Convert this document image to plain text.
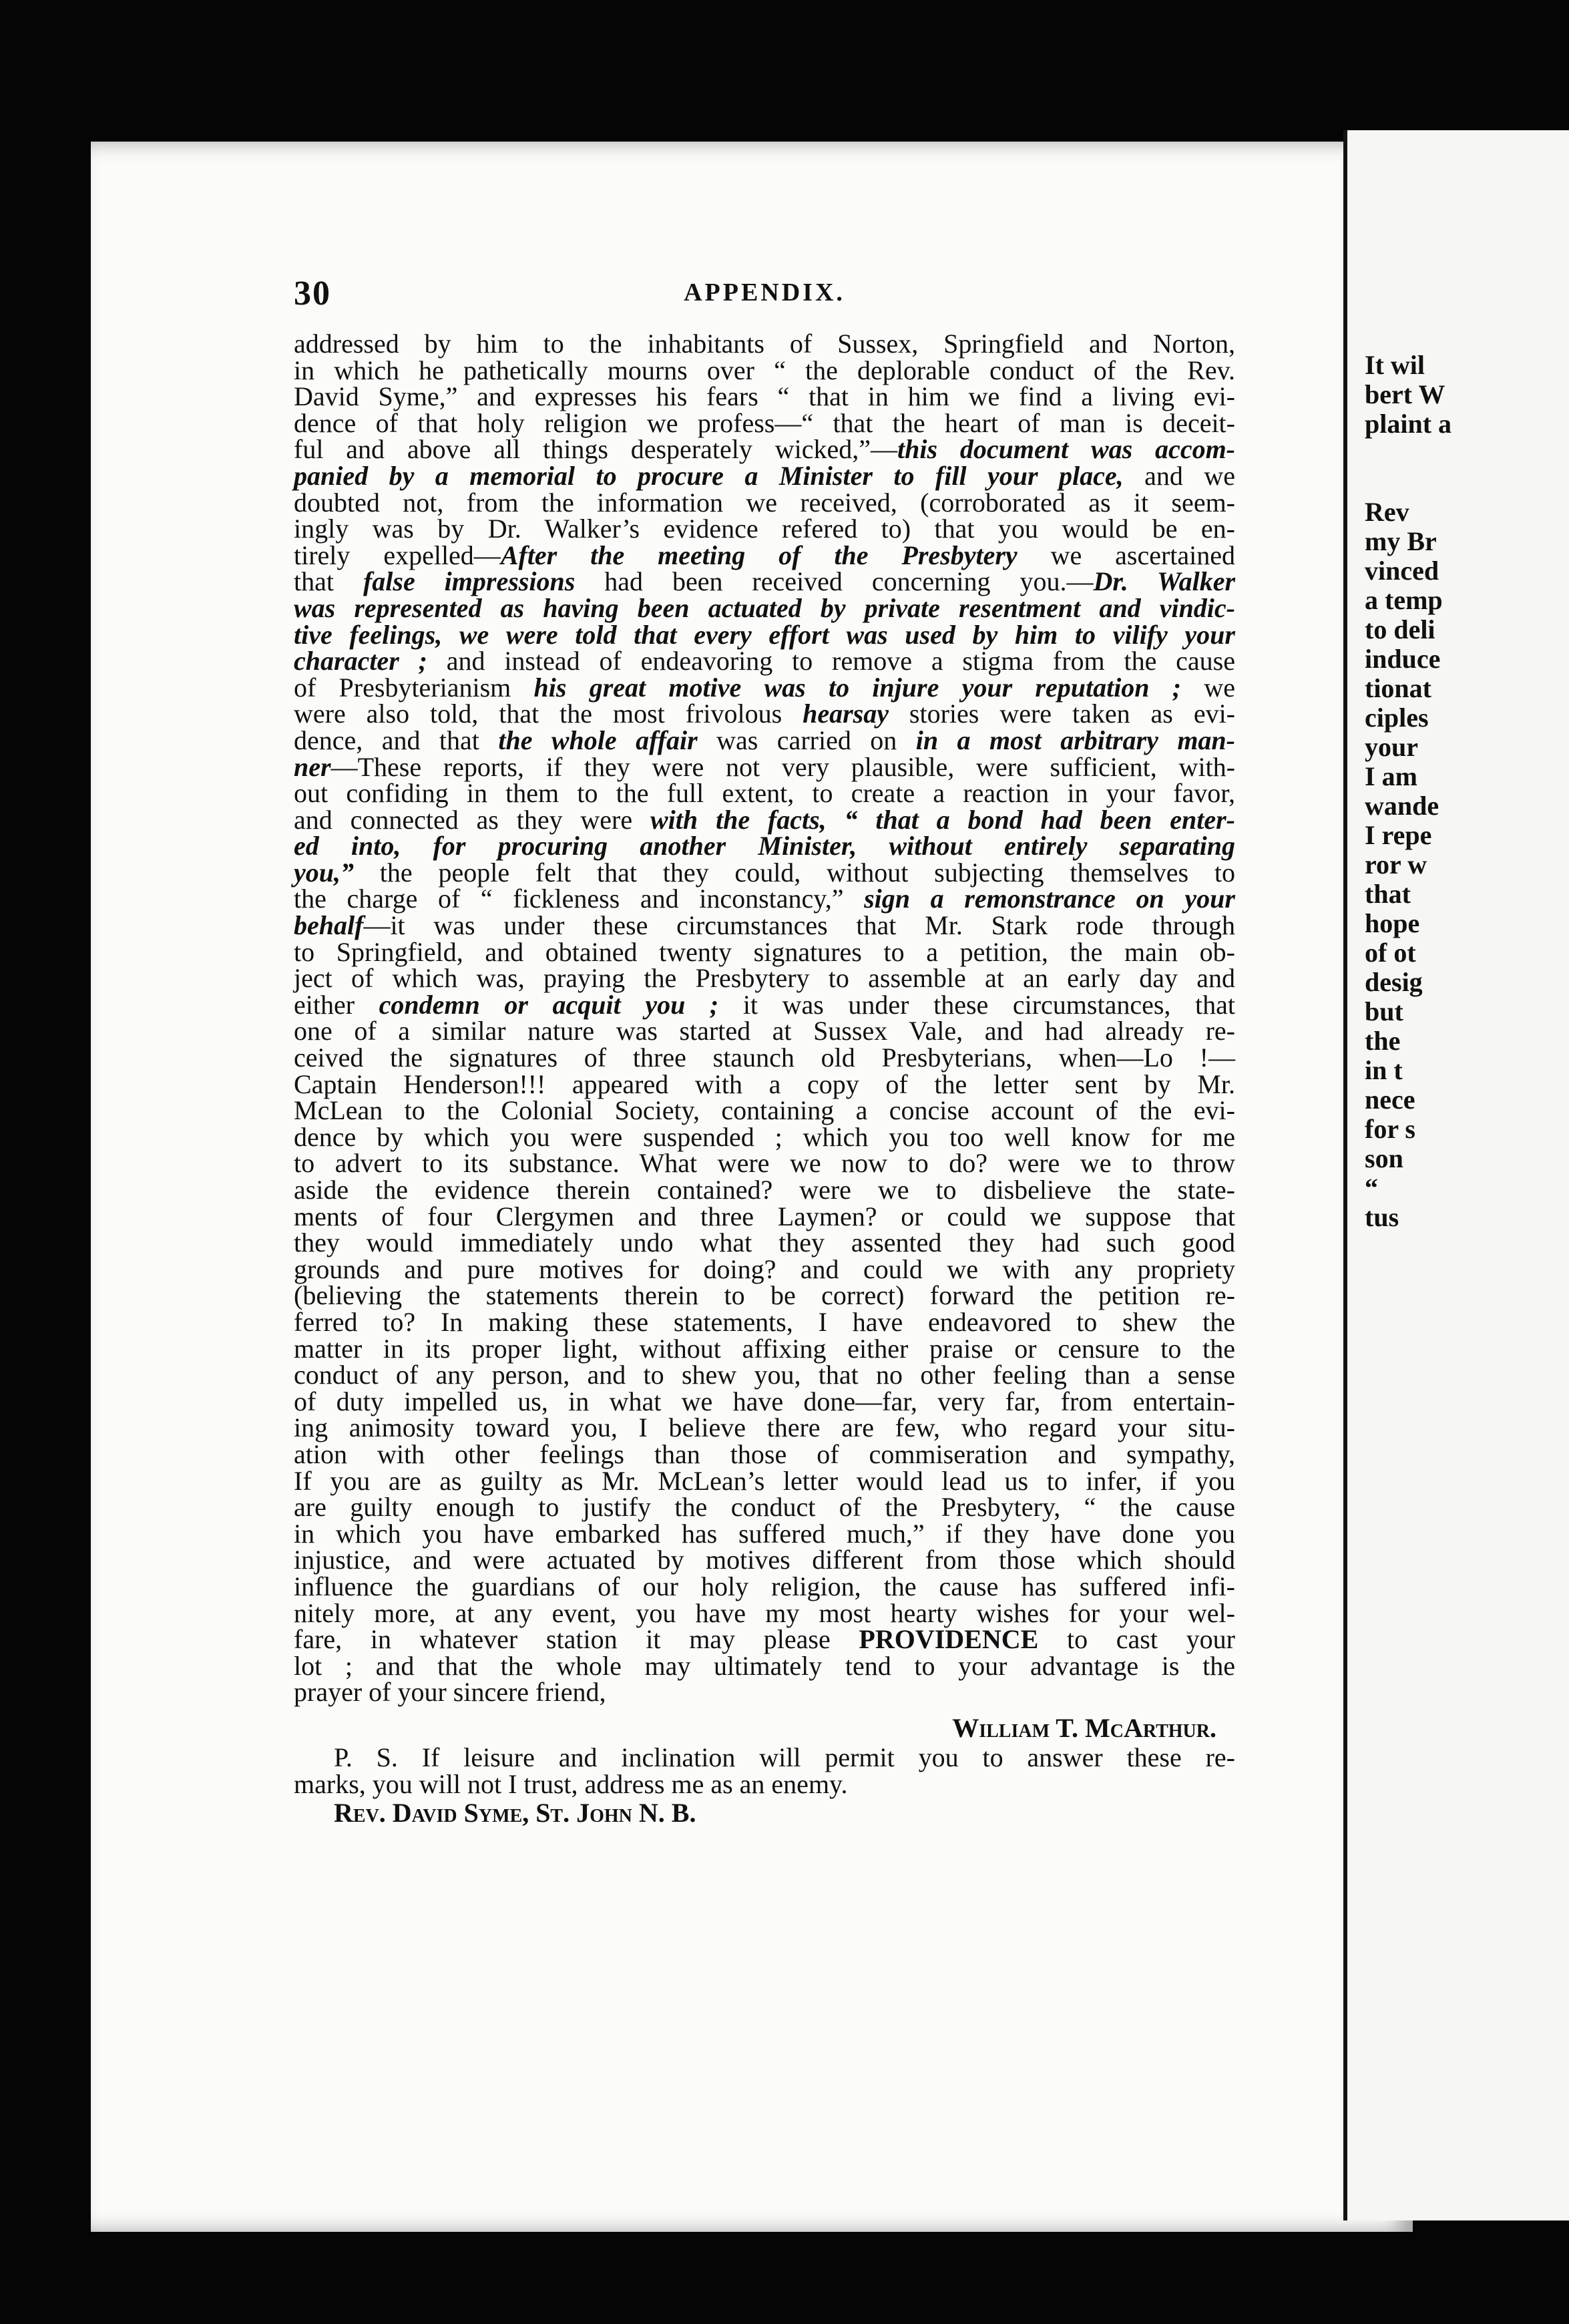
It wil
bert W
plaint a
Rev
my Br
vinced
a temp
to deli
induce
tionat
ciples
your
I am
wande
I repe
ror w
that
hope
of ot
desig
but
the
in t
nece
for s
son
“
tus
30	APPENDIX.
addressed by him to the inhabitants of Sussex, Springfield and Norton,
in which he pathetically mourns over “ the deplorable conduct of the Rev.
David Syme,” and expresses his fears “ that in him we find a living evi-
dence of that holy religion we profess—“ that the heart of man is deceit-
ful and above all things desperately wicked,”—this document was accom-
panied by a memorial to procure a Minister to fill your place, and we
doubted not, from the information we received, (corroborated as it seem-
ingly was by Dr. Walker’s evidence refered to) that you would be en-
tirely expelled—After the meeting of the Presbytery we ascertained
that false impressions had been received concerning you.—Dr. Walker
was represented as having been actuated by private resentment and vindic-
tive feelings, we were told that every effort was used by him to vilify your
character ; and instead of endeavoring to remove a stigma from the cause
of Presbyterianism his great motive was to injure your reputation ; we
were also told, that the most frivolous hearsay stories were taken as evi-
dence, and that the whole affair was carried on in a most arbitrary man-
ner—These reports, if they were not very plausible, were sufficient, with-
out confiding in them to the full extent, to create a reaction in your favor,
and connected as they were with the facts, “ that a bond had been enter-
ed into, for procuring another Minister, without entirely separating
you,” the people felt that they could, without subjecting themselves to
the charge of “ fickleness and inconstancy,” sign a remonstrance on your
behalf—it was under these circumstances that Mr. Stark rode through
to Springfield, and obtained twenty signatures to a petition, the main ob-
ject of which was, praying the Presbytery to assemble at an early day and
either condemn or acquit you ; it was under these circumstances, that
one of a similar nature was started at Sussex Vale, and had already re-
ceived the signatures of three staunch old Presbyterians, when—Lo !—
Captain Henderson!!! appeared with a copy of the letter sent by Mr.
McLean to the Colonial Society, containing a concise account of the evi-
dence by which you were suspended ; which you too well know for me
to advert to its substance. What were we now to do? were we to throw
aside the evidence therein contained? were we to disbelieve the state-
ments of four Clergymen and three Laymen? or could we suppose that
they would immediately undo what they assented they had such good
grounds and pure motives for doing? and could we with any propriety
(believing the statements therein to be correct) forward the petition re-
ferred to? In making these statements, I have endeavored to shew the
matter in its proper light, without affixing either praise or censure to the
conduct of any person, and to shew you, that no other feeling than a sense
of duty impelled us, in what we have done—far, very far, from entertain-
ing animosity toward you, I believe there are few, who regard your situ-
ation with other feelings than those of commiseration and sympathy,
If you are as guilty as Mr. McLean’s letter would lead us to infer, if you
are guilty enough to justify the conduct of the Presbytery, “ the cause
in which you have embarked has suffered much,” if they have done you
injustice, and were actuated by motives different from those which should
influence the guardians of our holy religion, the cause has suffered infi-
nitely more, at any event, you have my most hearty wishes for your wel-
fare, in whatever station it may please PROVIDENCE to cast your
lot ; and that the whole may ultimately tend to your advantage is the
prayer of your sincere friend,
William T. McArthur.
P. S. If leisure and inclination will permit you to answer these re-
marks, you will not I trust, address me as an enemy.
Rev. David Syme, St. John N. B.
